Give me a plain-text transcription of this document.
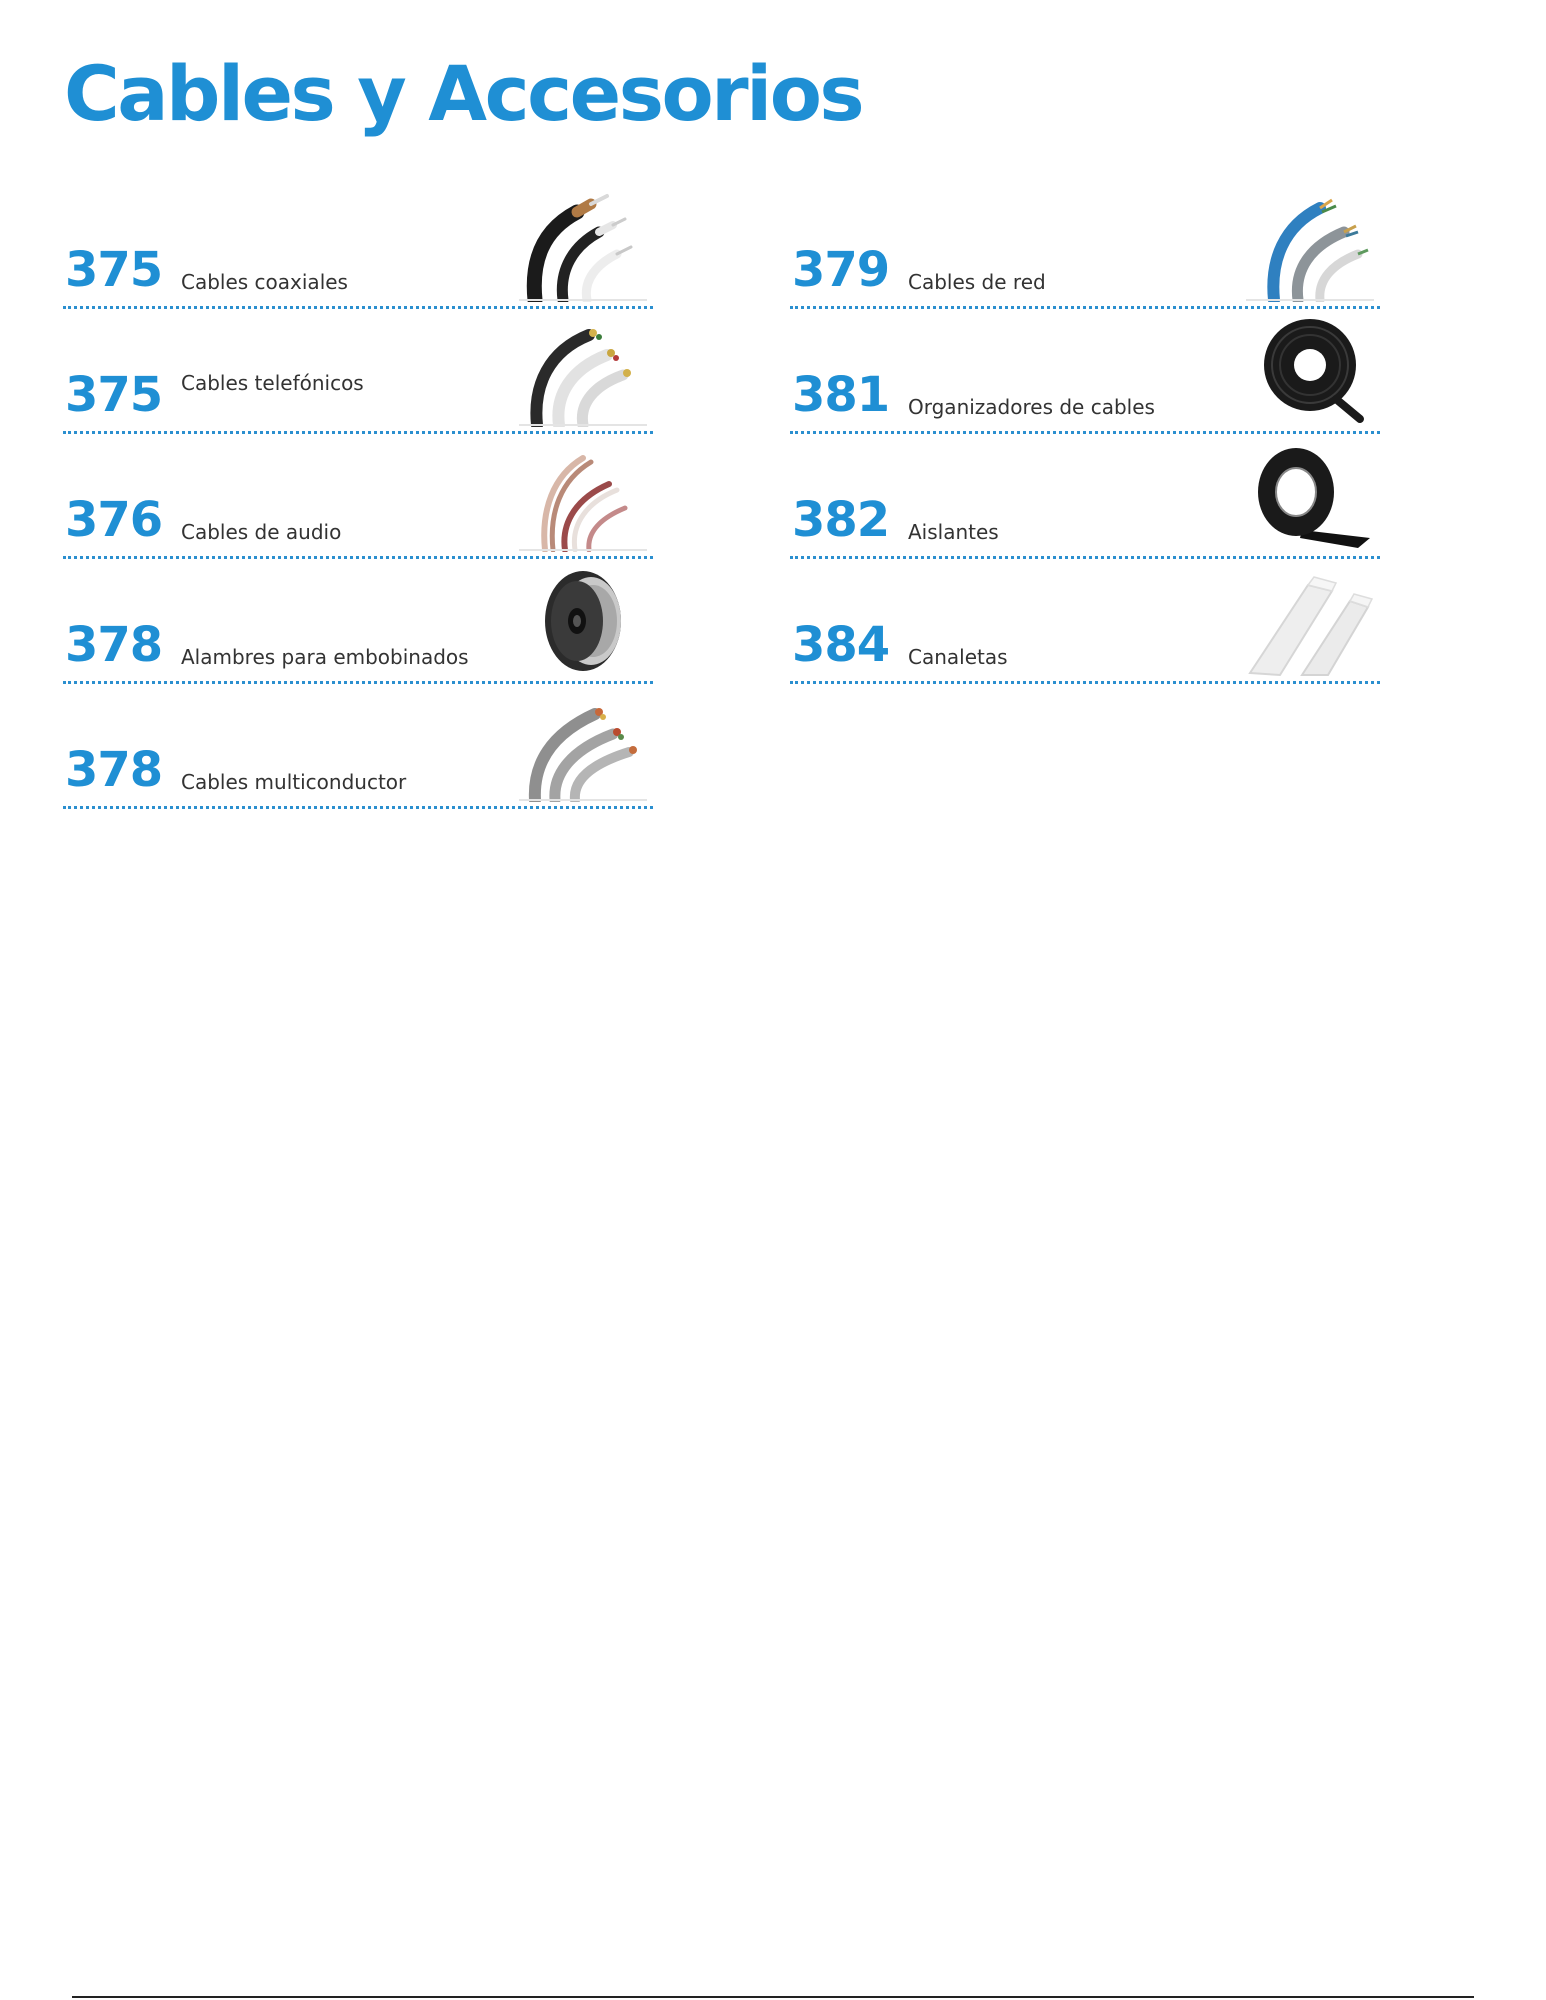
Cables y Accesorios
375 Cables coaxiales
375 Cables telefónicos
376 Cables de audio
378 Alambres para embobinados
378 Cables multiconductor
379 Cables de red
381 Organizadores de cables
382 Aislantes
384 Canaletas
